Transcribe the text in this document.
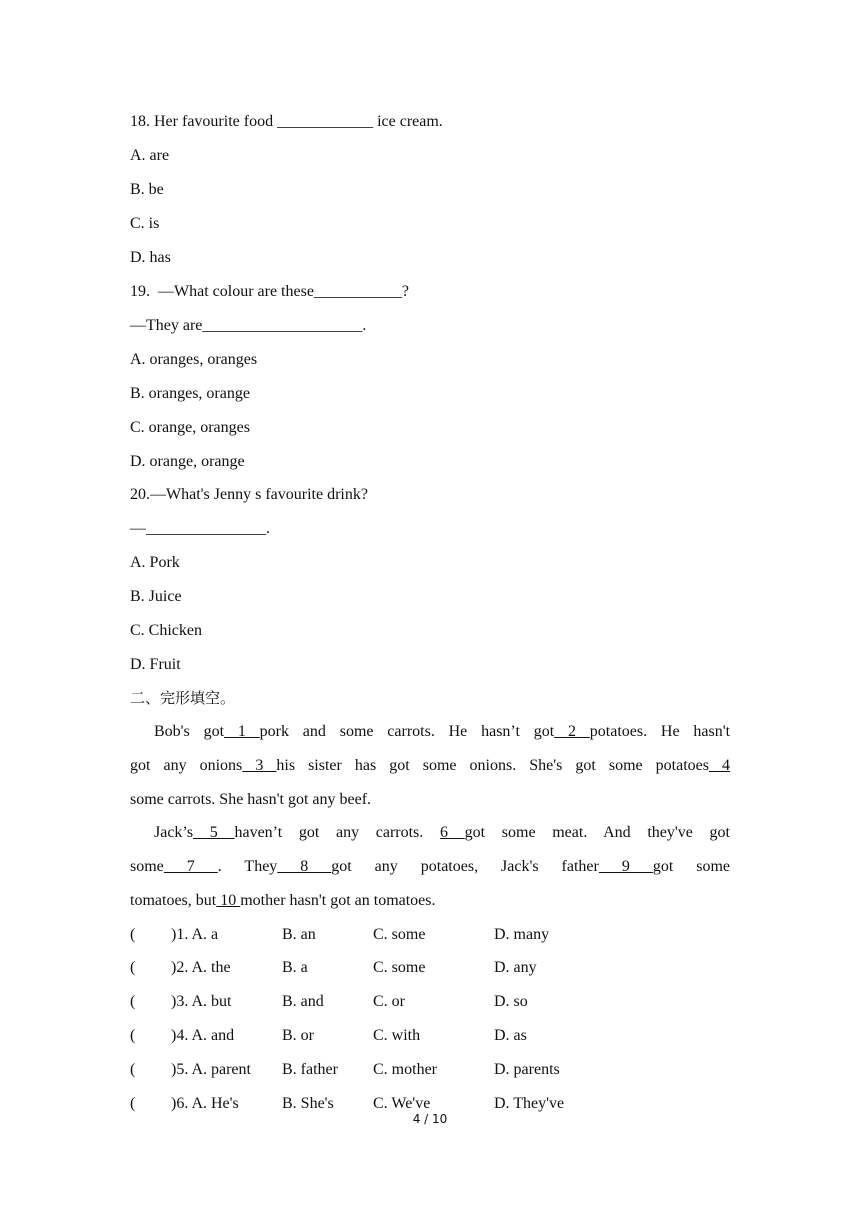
18. Her favourite food ____________ ice cream.
A. are
B. be
C. is
D. has
19.  —What colour are these___________?
—They are____________________.
A. oranges, oranges
B. oranges, orange
C. orange, oranges
D. orange, orange
20.—What's Jenny s favourite drink?
—_______________.
A. Pork
B. Juice
C. Chicken
D. Fruit
二、完形填空。
  Bob's got 1 pork and some carrots. He hasn’t got 2 potatoes. He hasn't
got any onions 3 his sister has got some onions. She's got some potatoes 4
some carrots. She hasn't got any beef.
  Jack’s 5 haven’t got any carrots. 6 got some meat. And they've got
some 7 . They 8 got any potatoes, Jack's father 9 got some
tomatoes, but 10 mother hasn't got an tomatoes.
( )1. A. a	B. an	C. some	D. many
( )2. A. the	B. a	C. some	D. any
( )3. A. but	B. and	C. or	D. so
( )4. A. and	B. or	C. with	D. as
( )5. A. parent B. father C. mother	D. parents
( )6. A. He's	B. She's C. We've	D. They've
4 / 10
